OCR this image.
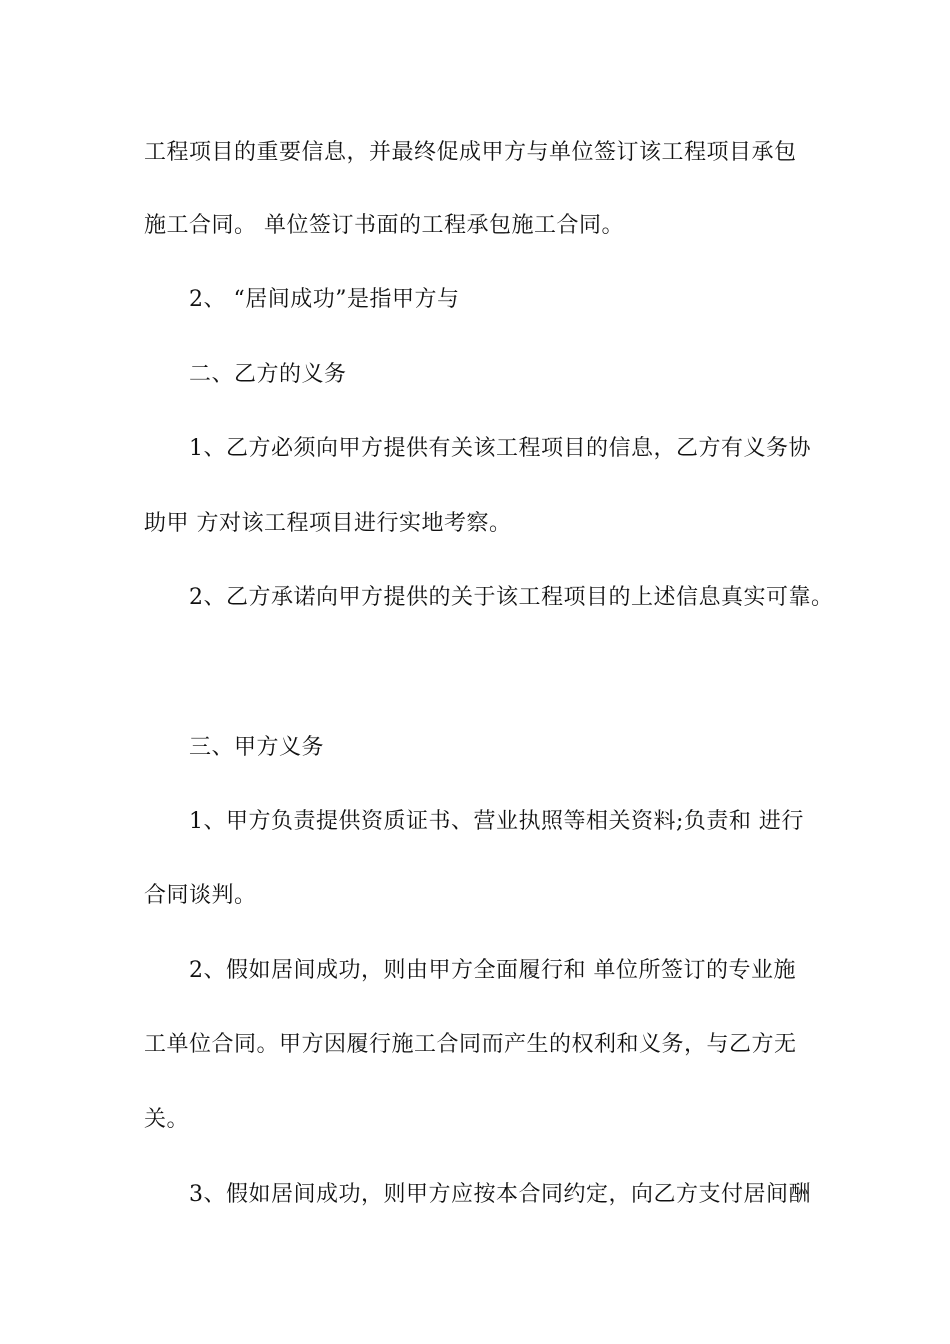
工程项目的重要信息，并最终促成甲方与单位签订该工程项目承包
施工合同。 单位签订书面的工程承包施工合同。
2、 “居间成功”是指甲方与
二、乙方的义务
1、乙方必须向甲方提供有关该工程项目的信息，乙方有义务协
助甲 方对该工程项目进行实地考察。
2、乙方承诺向甲方提供的关于该工程项目的上述信息真实可靠。
三、甲方义务
1、甲方负责提供资质证书、营业执照等相关资料;负责和 进行
合同谈判。
2、假如居间成功，则由甲方全面履行和 单位所签订的专业施
工单位合同。甲方因履行施工合同而产生的权利和义务，与乙方无
关。
3、假如居间成功，则甲方应按本合同约定，向乙方支付居间酬
